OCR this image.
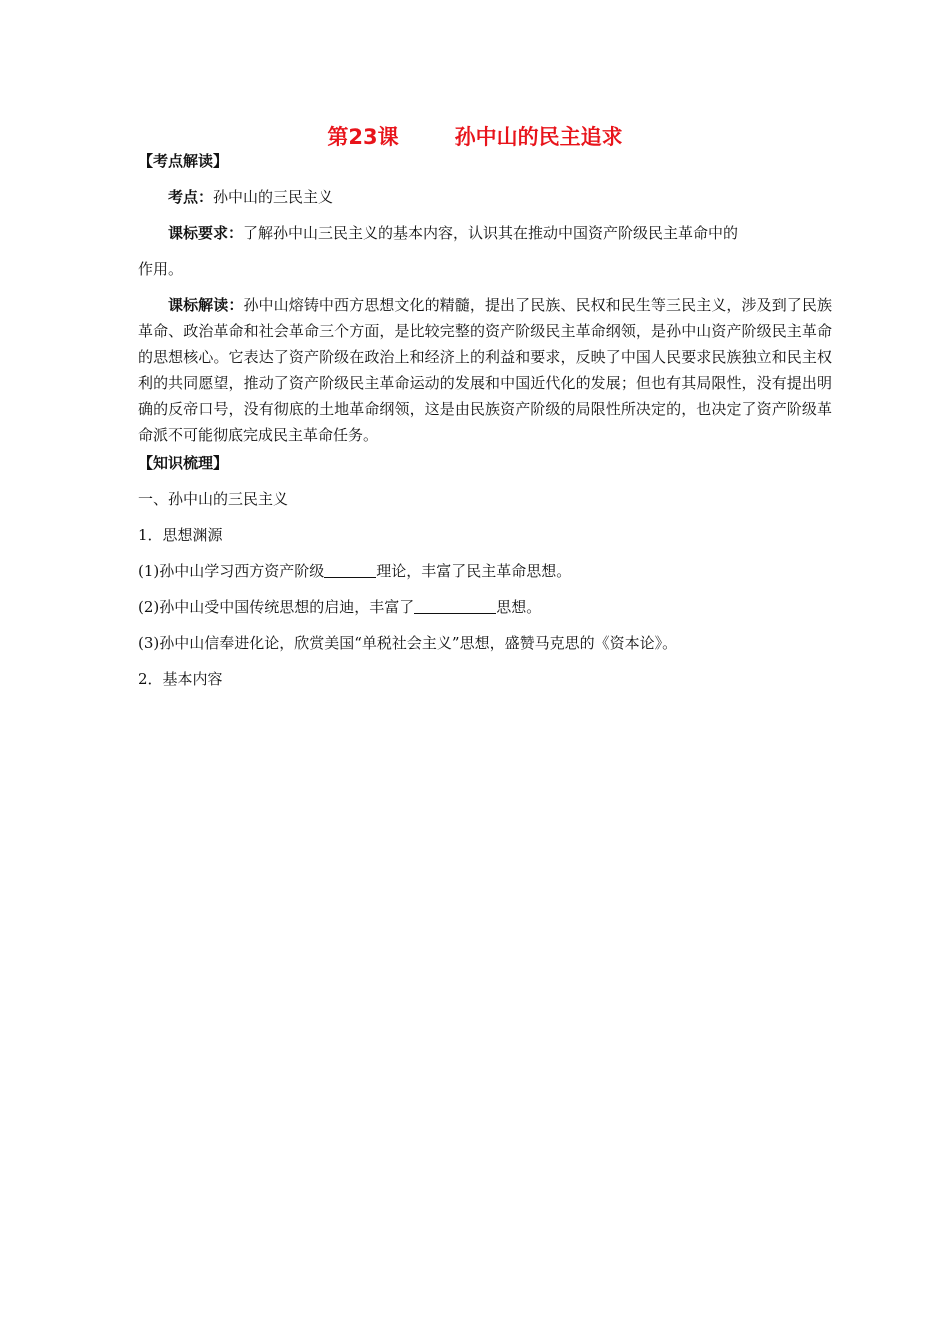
第23课	孙中山的民主追求

【考点解读】

考点：孙中山的三民主义

课标要求：了解孙中山三民主义的基本内容，认识其在推动中国资产阶级民主革命中的

作用。

课标解读：孙中山熔铸中西方思想文化的精髓，提出了民族、民权和民生等三民主义，涉及到了民族革命、政治革命和社会革命三个方面，是比较完整的资产阶级民主革命纲领，是孙中山资产阶级民主革命的思想核心。它表达了资产阶级在政治上和经济上的利益和要求，反映了中国人民要求民族独立和民主权利的共同愿望，推动了资产阶级民主革命运动的发展和中国近代化的发展；但也有其局限性，没有提出明确的反帝口号，没有彻底的土地革命纲领，这是由民族资产阶级的局限性所决定的，也决定了资产阶级革命派不可能彻底完成民主革命任务。

【知识梳理】

一、孙中山的三民主义

1．思想渊源

(1)孙中山学习西方资产阶级	理论，丰富了民主革命思想。

(2)孙中山受中国传统思想的启迪，丰富了	思想。

(3)孙中山信奉进化论，欣赏美国“单税社会主义”思想，盛赞马克思的《资本论》。

2．基本内容
